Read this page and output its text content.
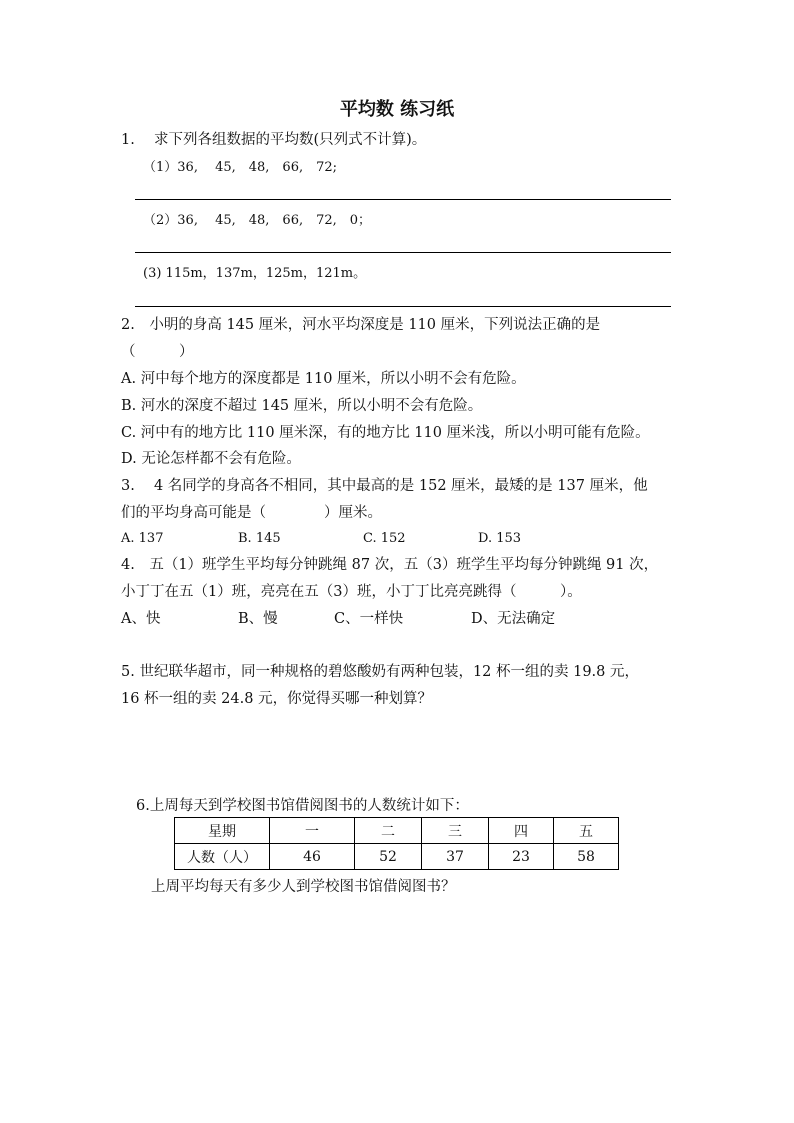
平均数 练习纸
1.　 求下列各组数据的平均数(只列式不计算)。
（1）36,　 45,　48,　66,　72;
（2）36,　 45,　48,　66,　72,　0；
(3) 115m，137m，125m，121m。
2.　小明的身高 145 厘米，河水平均深度是 110 厘米，下列说法正确的是
（　　　）
A. 河中每个地方的深度都是 110 厘米，所以小明不会有危险。
B. 河水的深度不超过 145 厘米，所以小明不会有危险。
C. 河中有的地方比 110 厘米深，有的地方比 110 厘米浅，所以小明可能有危险。
D. 无论怎样都不会有危险。
3.　 4 名同学的身高各不相同，其中最高的是 152 厘米，最矮的是 137 厘米，他
们的平均身高可能是（　　　　）厘米。
A. 137	B. 145	C. 152	D. 153
4.　五（1）班学生平均每分钟跳绳 87 次，五（3）班学生平均每分钟跳绳 91 次，
小丁丁在五（1）班，亮亮在五（3）班，小丁丁比亮亮跳得（　　　）。
A、快	B、慢	C、一样快	D、无法确定
5. 世纪联华超市，同一种规格的碧悠酸奶有两种包装，12 杯一组的卖 19.8 元，
16 杯一组的卖 24.8 元，你觉得买哪一种划算？
6.上周每天到学校图书馆借阅图书的人数统计如下：
星期	一	二	三	四	五
人数（人）	46	52	37	23	58
上周平均每天有多少人到学校图书馆借阅图书？
